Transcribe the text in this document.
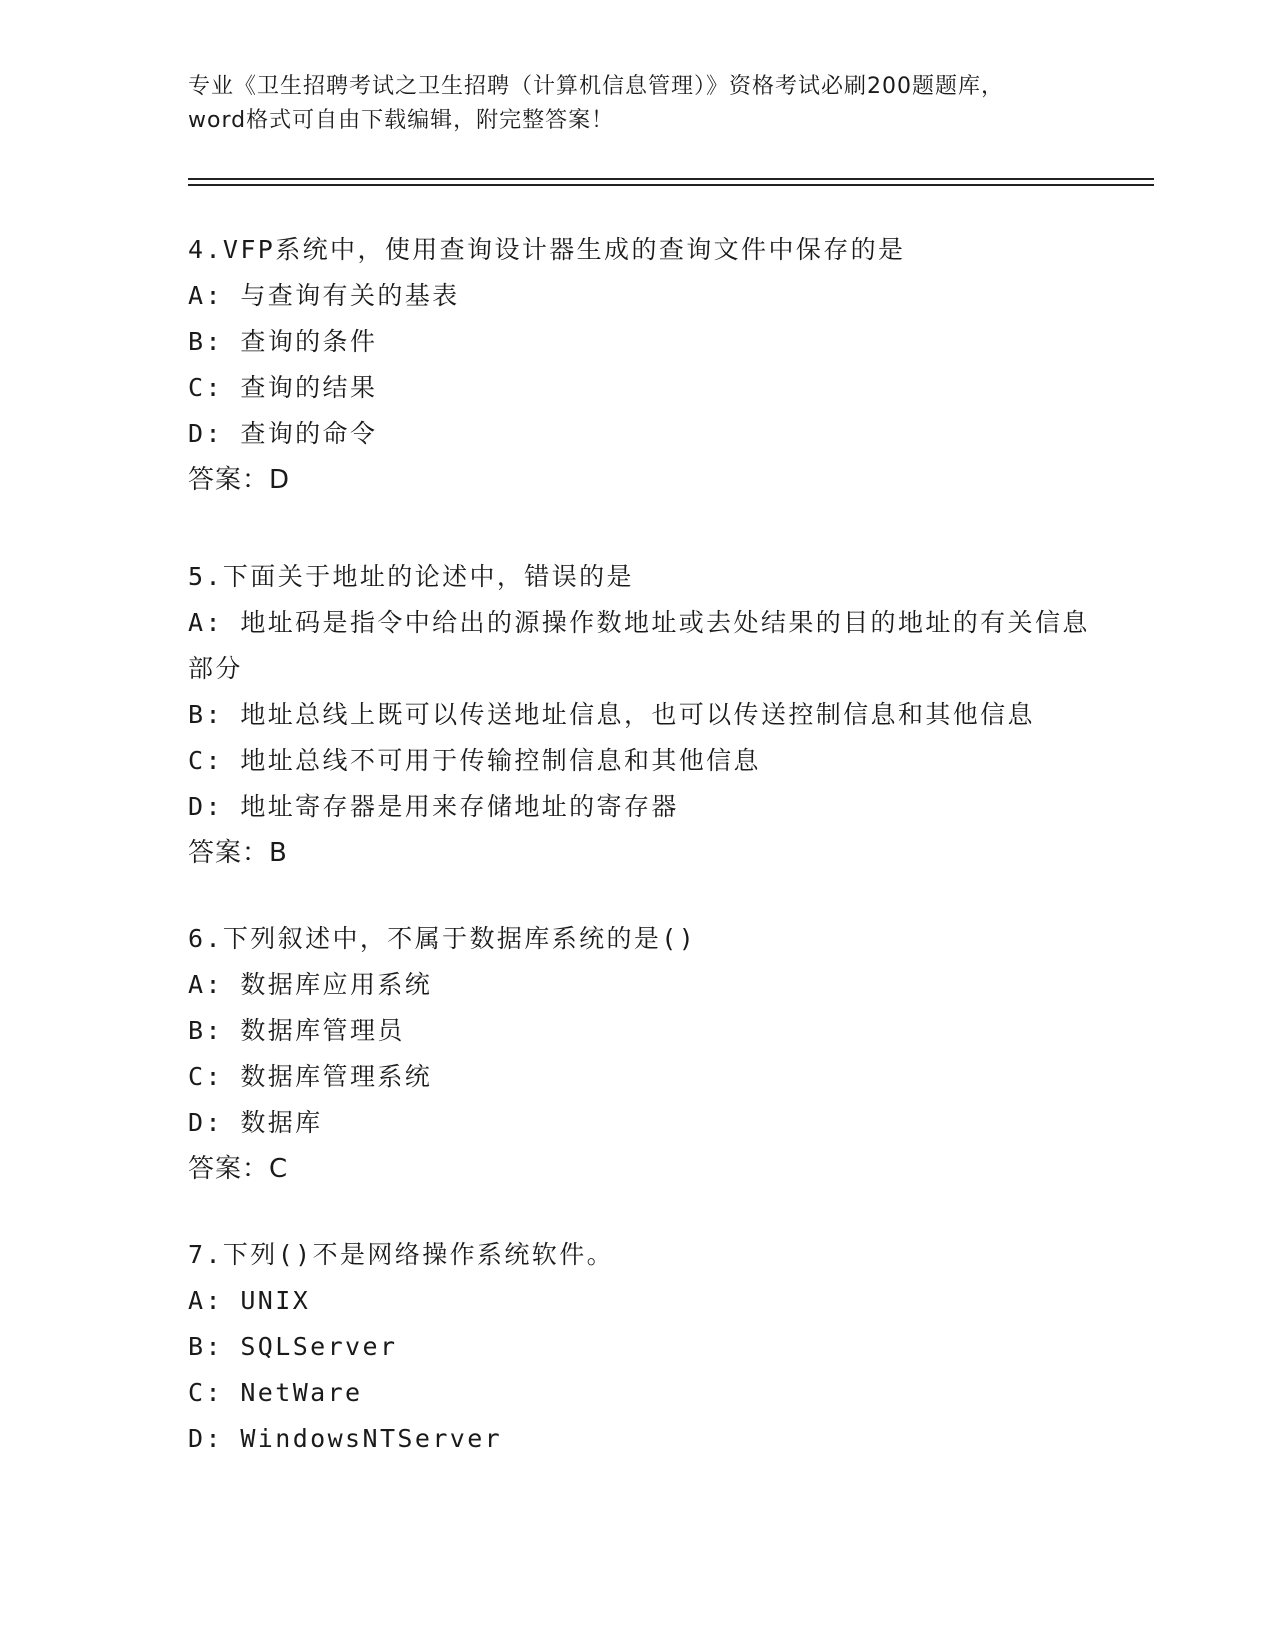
专业《卫生招聘考试之卫生招聘（计算机信息管理）》资格考试必刷200题题库，
word格式可自由下载编辑，附完整答案！
4.VFP系统中，使用查询设计器生成的查询文件中保存的是
A: 与查询有关的基表
B: 查询的条件
C: 查询的结果
D: 查询的命令
答案：D
5.下面关于地址的论述中，错误的是
A: 地址码是指令中给出的源操作数地址或去处结果的目的地址的有关信息部分
B: 地址总线上既可以传送地址信息，也可以传送控制信息和其他信息
C: 地址总线不可用于传输控制信息和其他信息
D: 地址寄存器是用来存储地址的寄存器
答案：B
6.下列叙述中，不属于数据库系统的是()
A: 数据库应用系统
B: 数据库管理员
C: 数据库管理系统
D: 数据库
答案：C
7.下列()不是网络操作系统软件。
A: UNIX
B: SQLServer
C: NetWare
D: WindowsNTServer
